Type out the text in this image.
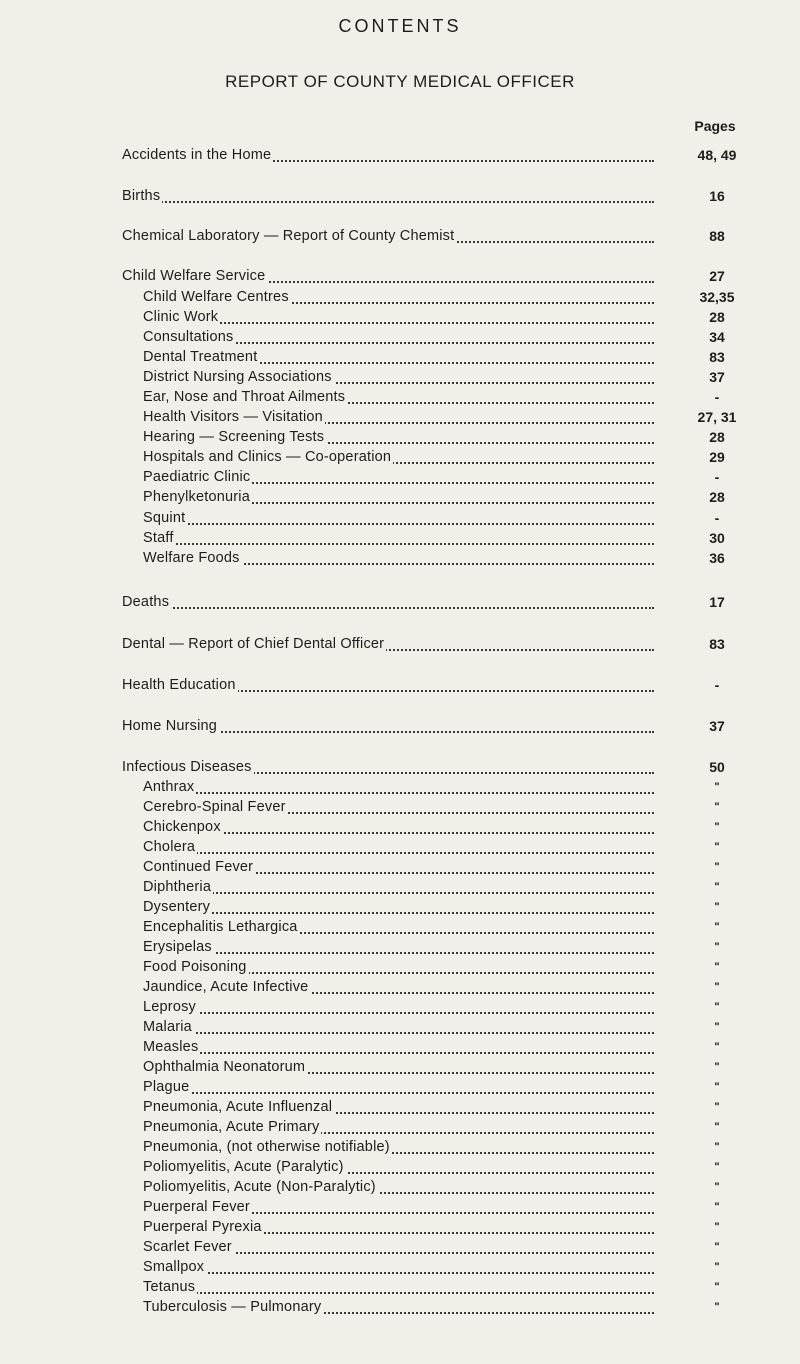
CONTENTS
REPORT OF COUNTY MEDICAL OFFICER
Pages
Accidents in the Home	48, 49
Births	16
Chemical Laboratory — Report of County Chemist	88
Child Welfare Service	27
Child Welfare Centres	32,35
Clinic Work	28
Consultations	34
Dental Treatment	83
District Nursing Associations	37
Ear, Nose and Throat Ailments	-
Health Visitors — Visitation	27, 31
Hearing — Screening Tests	28
Hospitals and Clinics — Co-operation	29
Paediatric Clinic	-
Phenylketonuria	28
Squint	-
Staff	30
Welfare Foods	36
Deaths	17
Dental — Report of Chief Dental Officer	83
Health Education	-
Home Nursing	37
Infectious Diseases	50
Anthrax	"
Cerebro-Spinal Fever	"
Chickenpox	"
Cholera	"
Continued Fever	"
Diphtheria	"
Dysentery	"
Encephalitis Lethargica	"
Erysipelas	"
Food Poisoning	"
Jaundice, Acute Infective	"
Leprosy	"
Malaria	"
Measles	"
Ophthalmia Neonatorum	"
Plague	"
Pneumonia, Acute Influenzal	"
Pneumonia, Acute Primary	"
Pneumonia, (not otherwise notifiable)	"
Poliomyelitis, Acute (Paralytic)	"
Poliomyelitis, Acute (Non-Paralytic)	"
Puerperal Fever	"
Puerperal Pyrexia	"
Scarlet Fever	"
Smallpox	"
Tetanus	"
Tuberculosis — Pulmonary	"
